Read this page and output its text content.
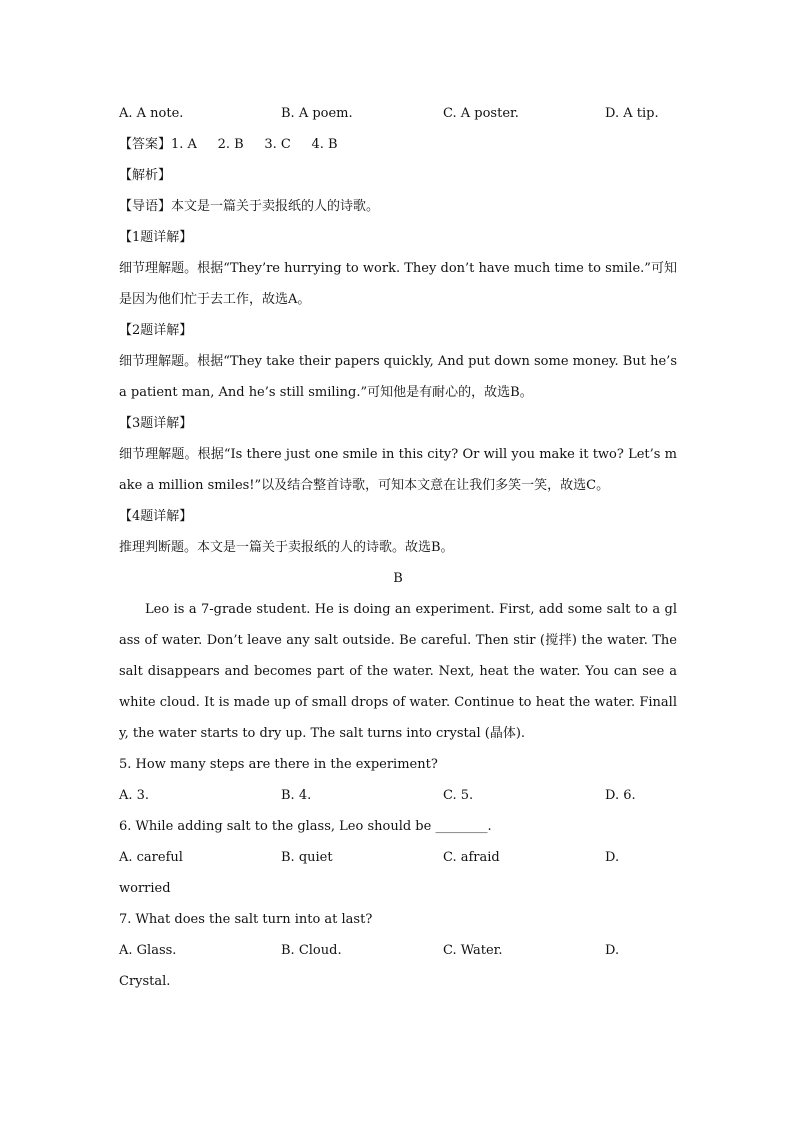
A. A note.	B. A poem.	C. A poster.	D. A tip.
【答案】1. A     2. B     3. C     4. B
【解析】
【导语】本文是一篇关于卖报纸的人的诗歌。
【1题详解】
细节理解题。根据“They’re hurrying to work. They don’t have much time to smile.”可知是因为他们忙于去工作，故选A。
【2题详解】
细节理解题。根据“They take their papers quickly, And put down some money. But he’s a patient man, And he’s still smiling.”可知他是有耐心的，故选B。
【3题详解】
细节理解题。根据“Is there just one smile in this city? Or will you make it two? Let’s make a million smiles!”以及结合整首诗歌，可知本文意在让我们多笑一笑，故选C。
【4题详解】
推理判断题。本文是一篇关于卖报纸的人的诗歌。故选B。
B
Leo is a 7-grade student. He is doing an experiment. First, add some salt to a glass of water. Don’t leave any salt outside. Be careful. Then stir (搅拌) the water. The salt disappears and becomes part of the water. Next, heat the water. You can see a white cloud. It is made up of small drops of water. Continue to heat the water. Finally, the water starts to dry up. The salt turns into crystal (晶体).
5. How many steps are there in the experiment?
A. 3.	B. 4.	C. 5.	D. 6.
6. While adding salt to the glass, Leo should be ________.
A. careful	B. quiet	C. afraid	D.
worried
7. What does the salt turn into at last?
A. Glass.	B. Cloud.	C. Water.	D.
Crystal.
